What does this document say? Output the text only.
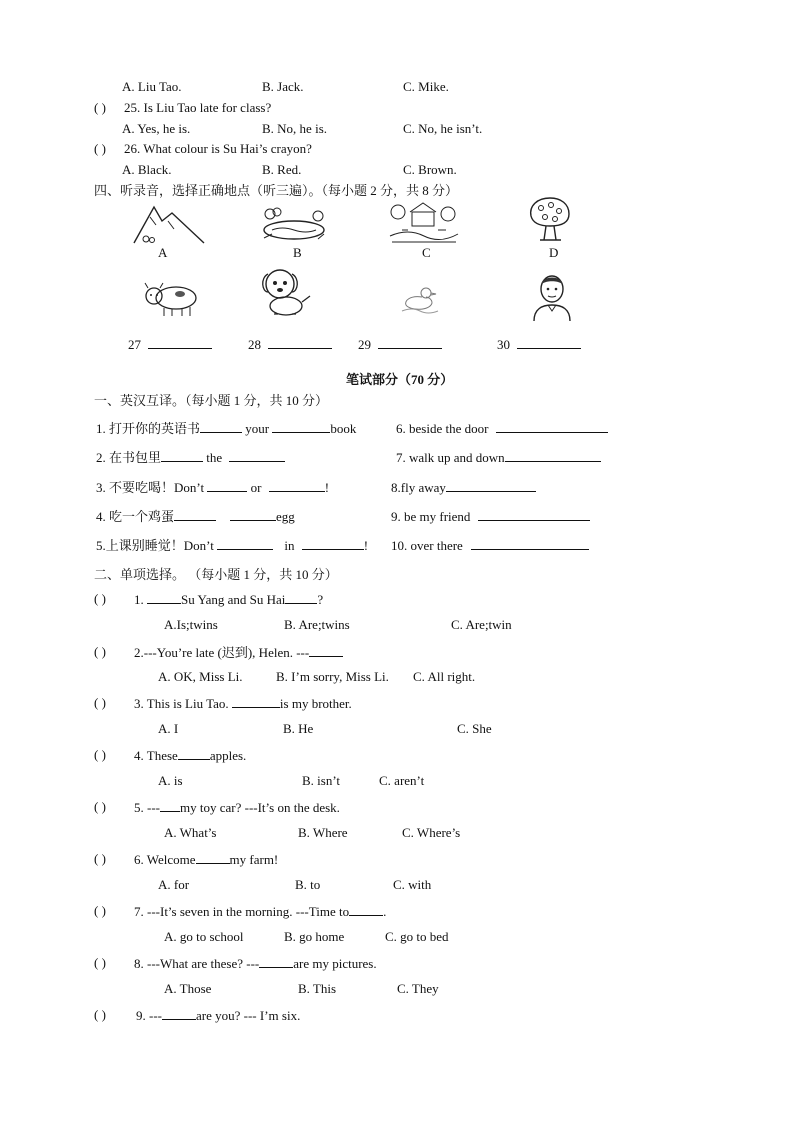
A. Liu Tao.	B. Jack.	C. Mike.
( ) 25. Is Liu Tao late for class?
A. Yes, he is.	B. No, he is.	C. No, he isn’t.
( ) 26. What colour is Su Hai’s crayon?
A. Black.	B. Red.	C. Brown.
四、听录音，选择正确地点（听三遍）。（每小题 2 分，共 8 分）
A	B	C	D
27	28	29	30
笔试部分（70 分）
一、英汉互译。（每小题 1 分，共 10 分）
1. 打开你的英语书	your	book	6. beside the door
2. 在书包里	the	7. walk up and down
3. 不要吃喝！Don’t	or	!	8.fly away
4. 吃一个鸡蛋	egg	9. be my friend
5.上课别睡觉！Don’t	in	! 10. over there
二、单项选择。 （每小题 1 分，共 10 分）
( ) 1.	Su Yang and Su Hai ?
A.Is;twins	B. Are;twins	C. Are;twin
( ) 2.---You’re late (迟到), Helen. ---
A. OK, Miss Li.	B. I’m sorry, Miss Li. C. All right.
( ) 3. This is Liu Tao.	is my brother.
A. I	B. He	C. She
( ) 4. These apples.
A. is	B. isn’t	C. aren’t
( ) 5. --- my toy car? ---It’s on the desk.
A. What’s	B. Where	C. Where’s
( ) 6. Welcome	my farm!
A. for	B. to	C. with
( ) 7. ---It’s seven in the morning. ---Time to	.
A. go to school	B. go home	C. go to bed
( ) 8. ---What are these? ---	are my pictures.
A. Those	B. This	C. They
( ) 9. ---	are you? --- I’m six.
